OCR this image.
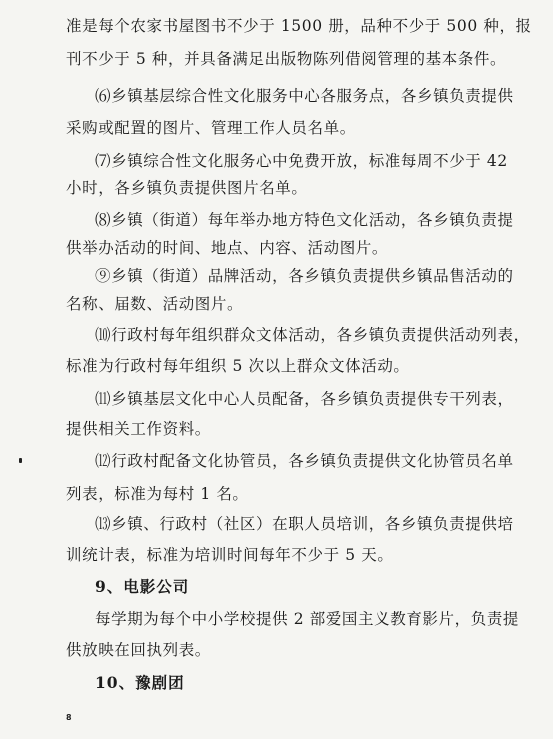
准是每个农家书屋图书不少于 1500 册，品种不少于 500 种，报
刊不少于 5 种，并具备满足出版物陈列借阅管理的基本条件。
⑹乡镇基层综合性文化服务中心各服务点，各乡镇负责提供
采购或配置的图片、管理工作人员名单。
⑺乡镇综合性文化服务心中免费开放，标准每周不少于 42
小时，各乡镇负责提供图片名单。
⑻乡镇（街道）每年举办地方特色文化活动，各乡镇负责提
供举办活动的时间、地点、内容、活动图片。
⑨乡镇（街道）品牌活动，各乡镇负责提供乡镇品售活动的
名称、届数、活动图片。
⑽行政村每年组织群众文体活动，各乡镇负责提供活动列表，
标准为行政村每年组织 5 次以上群众文体活动。
⑾乡镇基层文化中心人员配备，各乡镇负责提供专干列表，
提供相关工作资料。
⑿行政村配备文化协管员，各乡镇负责提供文化协管员名单
列表，标准为每村 1 名。
⒀乡镇、行政村（社区）在职人员培训，各乡镇负责提供培
训统计表，标准为培训时间每年不少于 5 天。
9、电影公司
每学期为每个中小学校提供 2 部爱国主义教育影片，负责提
供放映在回执列表。
10、豫剧团
8
